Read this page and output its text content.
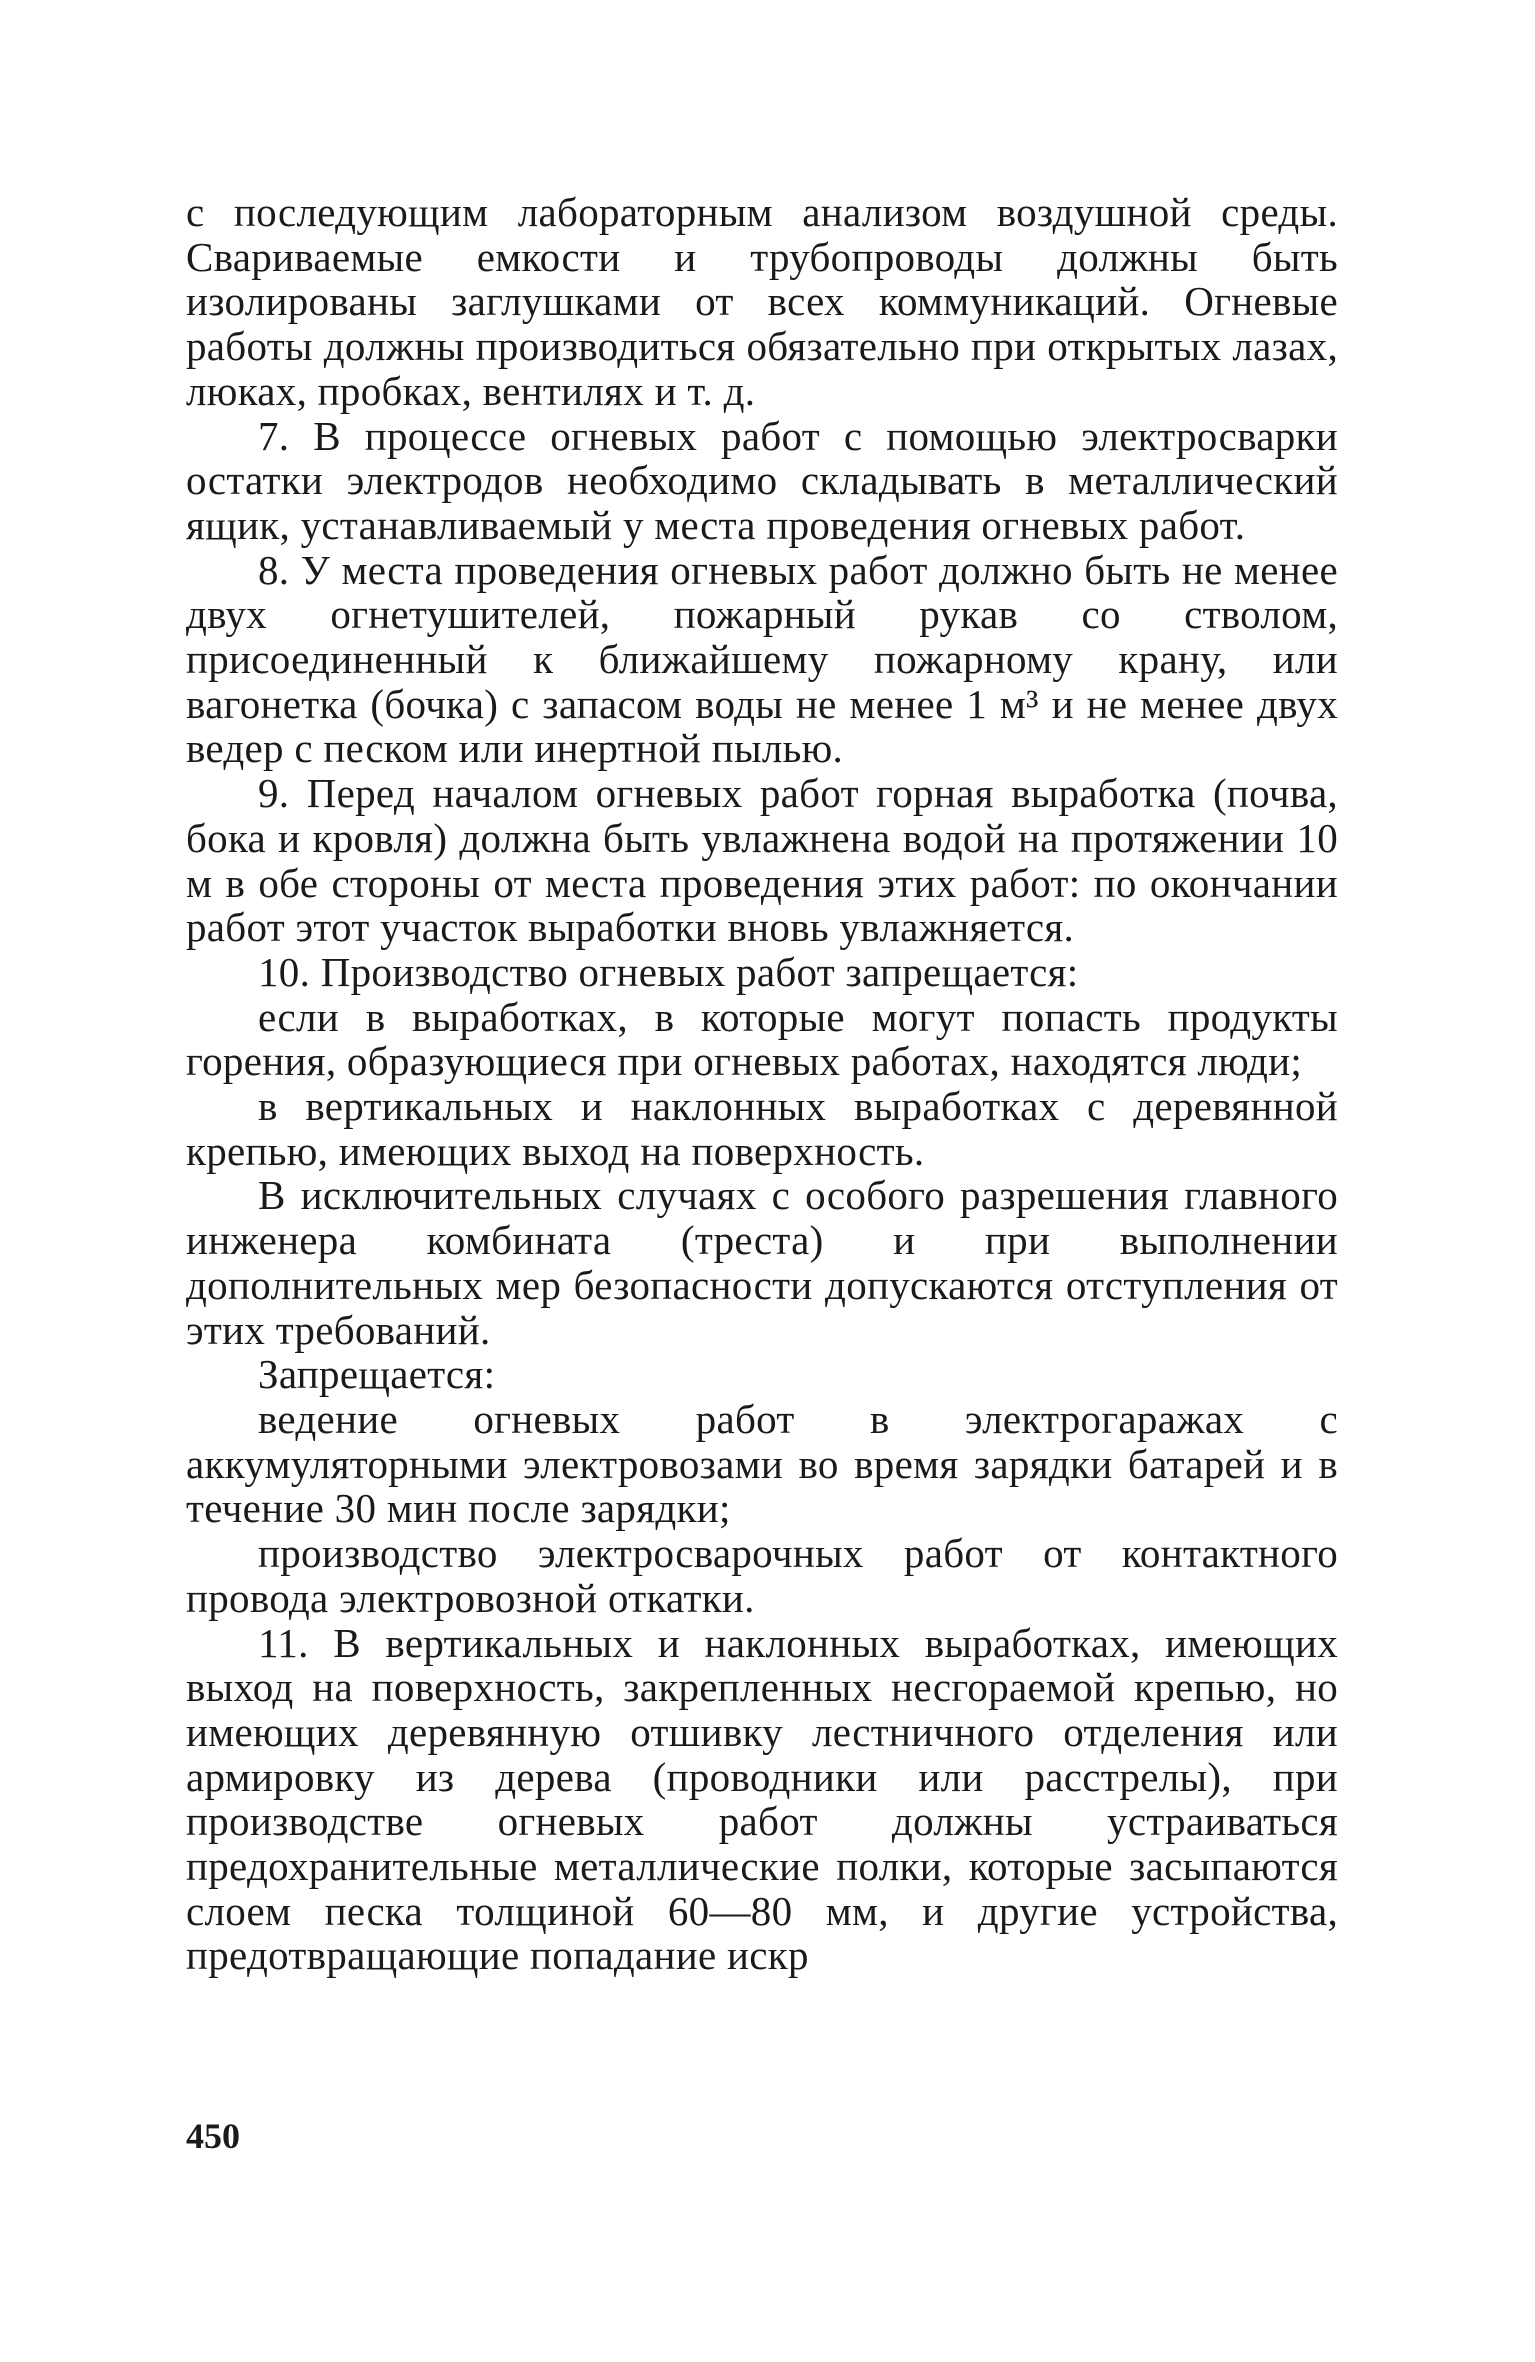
с последующим лабораторным анализом воздушной среды. Свариваемые емкости и трубопроводы должны быть изолированы заглушками от всех коммуникаций. Огневые работы должны производиться обязательно при открытых лазах, люках, пробках, вентилях и т. д.

7. В процессе огневых работ с помощью электросварки остатки электродов необходимо складывать в металлический ящик, устанавливаемый у места проведения огневых работ.

8. У места проведения огневых работ должно быть не менее двух огнетушителей, пожарный рукав со стволом, присоединенный к ближайшему пожарному крану, или вагонетка (бочка) с запасом воды не менее 1 м³ и не менее двух ведер с песком или инертной пылью.

9. Перед началом огневых работ горная выработка (почва, бока и кровля) должна быть увлажнена водой на протяжении 10 м в обе стороны от места проведения этих работ: по окончании работ этот участок выработки вновь увлажняется.

10. Производство огневых работ запрещается:

если в выработках, в которые могут попасть продукты горения, образующиеся при огневых работах, находятся люди;

в вертикальных и наклонных выработках с деревянной крепью, имеющих выход на поверхность.

В исключительных случаях с особого разрешения главного инженера комбината (треста) и при выполнении дополнительных мер безопасности допускаются отступления от этих требований.

Запрещается:

ведение огневых работ в электрогаражах с аккумуляторными электровозами во время зарядки батарей и в течение 30 мин после зарядки;

производство электросварочных работ от контактного провода электровозной откатки.

11. В вертикальных и наклонных выработках, имеющих выход на поверхность, закрепленных несгораемой крепью, но имеющих деревянную отшивку лестничного отделения или армировку из дерева (проводники или расстрелы), при производстве огневых работ должны устраиваться предохранительные металлические полки, которые засыпаются слоем песка толщиной 60—80 мм, и другие устройства, предотвращающие попадание искр

450
